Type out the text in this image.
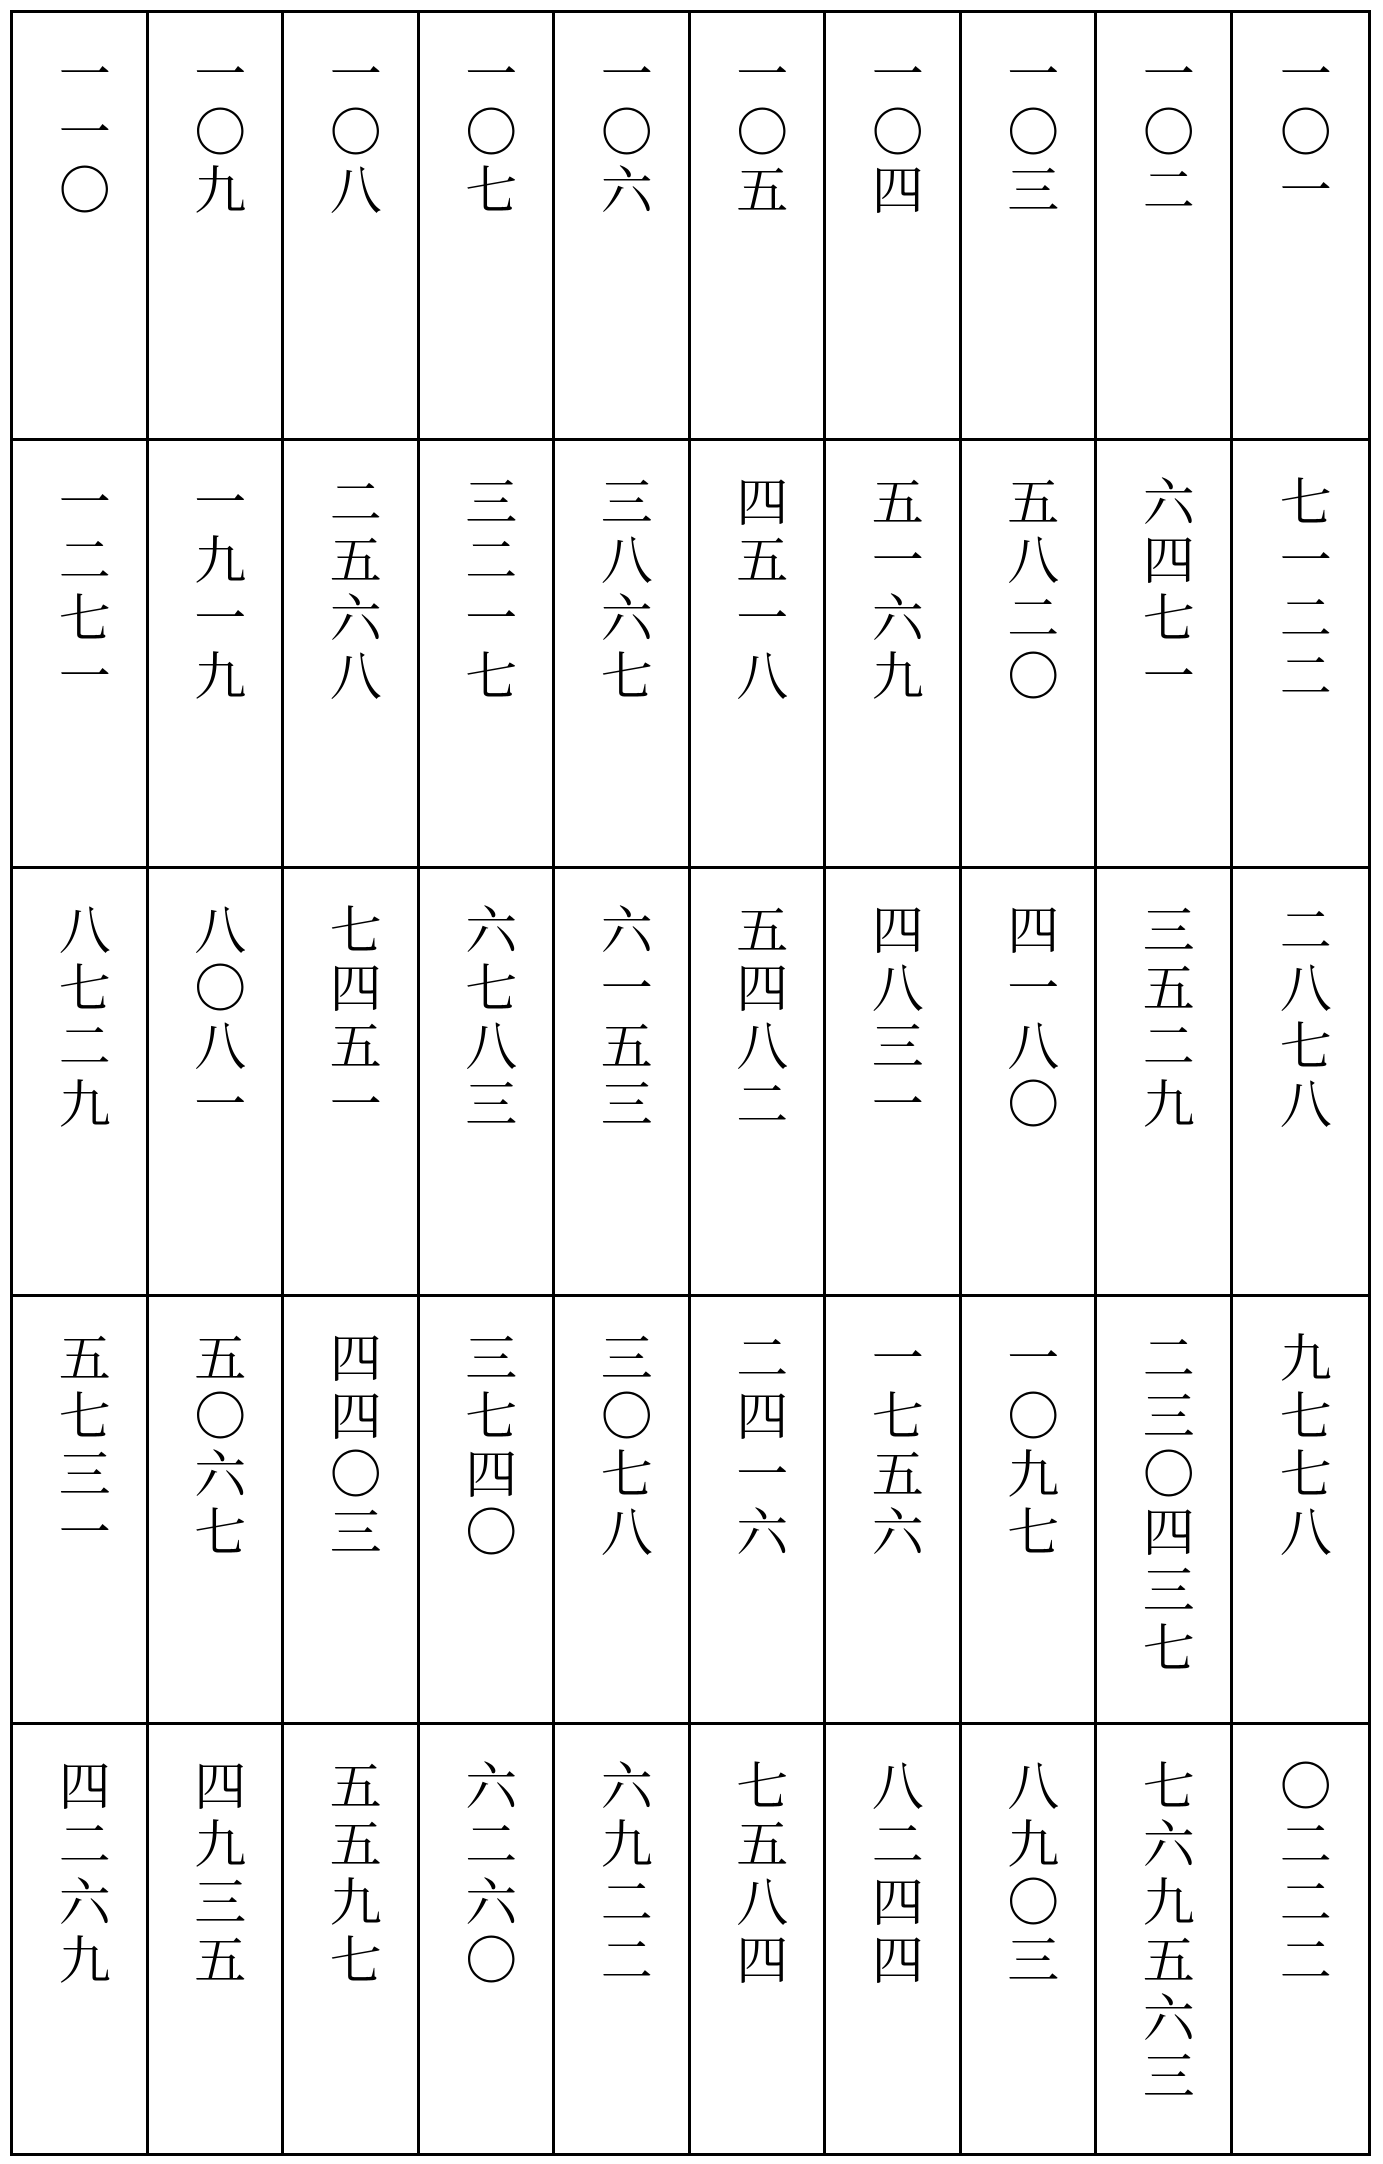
一一〇 一〇九 一〇八 一〇七 一〇六 一〇五 一〇四 一〇三 一〇二 一〇一
一二七一 一九一九 二五六八 三二一七 三八六七 四五一八 五一六九 五八二〇 六四七一 七一二二
八七二九 八〇八一 七四五一 六七八三 六一五三 五四八二 四八三一 四一八〇 三五二九 二八七八
五七三一 五〇六七 四四〇三 三七四〇 三〇七八 二四一六 一七五六 一〇九七 二三〇四三七 九七七八
四二六九 四九三五 五五九七 六二六〇 六九二二 七五八四 八二四四 八九〇三 七六九五六三 〇二二二
